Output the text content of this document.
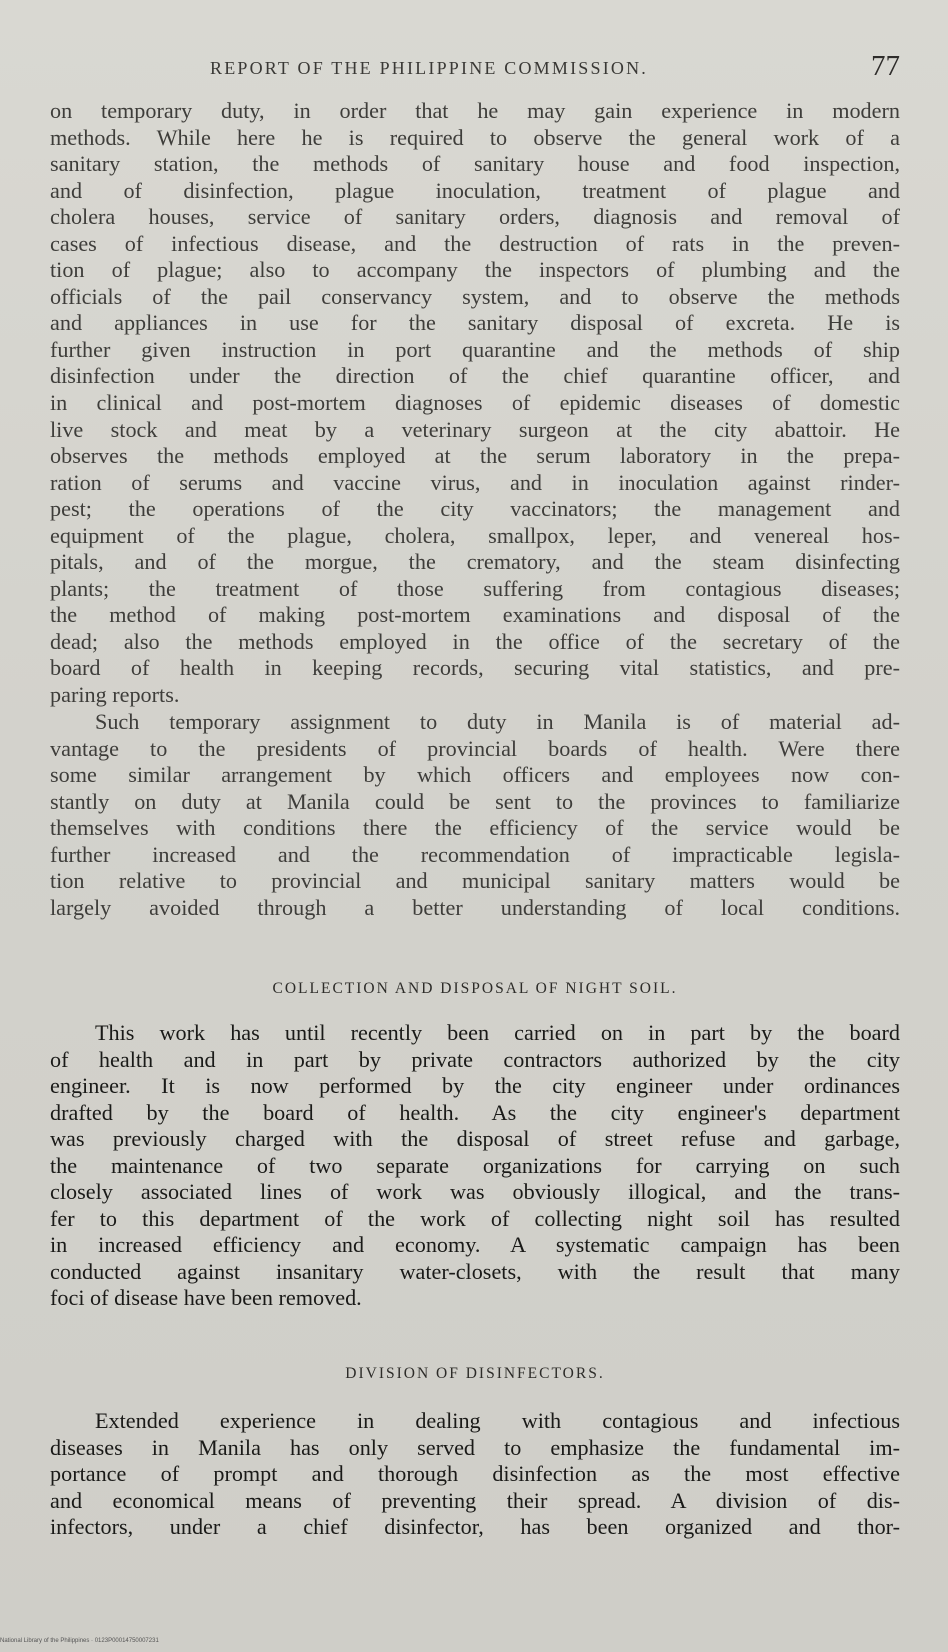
REPORT OF THE PHILIPPINE COMMISSION.	77
on temporary duty, in order that he may gain experience in modern
methods. While here he is required to observe the general work of a
sanitary station, the methods of sanitary house and food inspection,
and of disinfection, plague inoculation, treatment of plague and
cholera houses, service of sanitary orders, diagnosis and removal of
cases of infectious disease, and the destruction of rats in the preven-
tion of plague; also to accompany the inspectors of plumbing and the
officials of the pail conservancy system, and to observe the methods
and appliances in use for the sanitary disposal of excreta. He is
further given instruction in port quarantine and the methods of ship
disinfection under the direction of the chief quarantine officer, and
in clinical and post-mortem diagnoses of epidemic diseases of domestic
live stock and meat by a veterinary surgeon at the city abattoir. He
observes the methods employed at the serum laboratory in the prepa-
ration of serums and vaccine virus, and in inoculation against rinder-
pest; the operations of the city vaccinators; the management and
equipment of the plague, cholera, smallpox, leper, and venereal hos-
pitals, and of the morgue, the crematory, and the steam disinfecting
plants; the treatment of those suffering from contagious diseases;
the method of making post-mortem examinations and disposal of the
dead; also the methods employed in the office of the secretary of the
board of health in keeping records, securing vital statistics, and pre-
paring reports.
Such temporary assignment to duty in Manila is of material ad-
vantage to the presidents of provincial boards of health. Were there
some similar arrangement by which officers and employees now con-
stantly on duty at Manila could be sent to the provinces to familiarize
themselves with conditions there the efficiency of the service would be
further increased and the recommendation of impracticable legisla-
tion relative to provincial and municipal sanitary matters would be
largely avoided through a better understanding of local conditions.
COLLECTION AND DISPOSAL OF NIGHT SOIL.
This work has until recently been carried on in part by the board
of health and in part by private contractors authorized by the city
engineer. It is now performed by the city engineer under ordinances
drafted by the board of health. As the city engineer's department
was previously charged with the disposal of street refuse and garbage,
the maintenance of two separate organizations for carrying on such
closely associated lines of work was obviously illogical, and the trans-
fer to this department of the work of collecting night soil has resulted
in increased efficiency and economy. A systematic campaign has been
conducted against insanitary water-closets, with the result that many
foci of disease have been removed.
DIVISION OF DISINFECTORS.
Extended experience in dealing with contagious and infectious
diseases in Manila has only served to emphasize the fundamental im-
portance of prompt and thorough disinfection as the most effective
and economical means of preventing their spread. A division of dis-
infectors, under a chief disinfector, has been organized and thor-
National Library of the Philippines · 0123P00014750007231
